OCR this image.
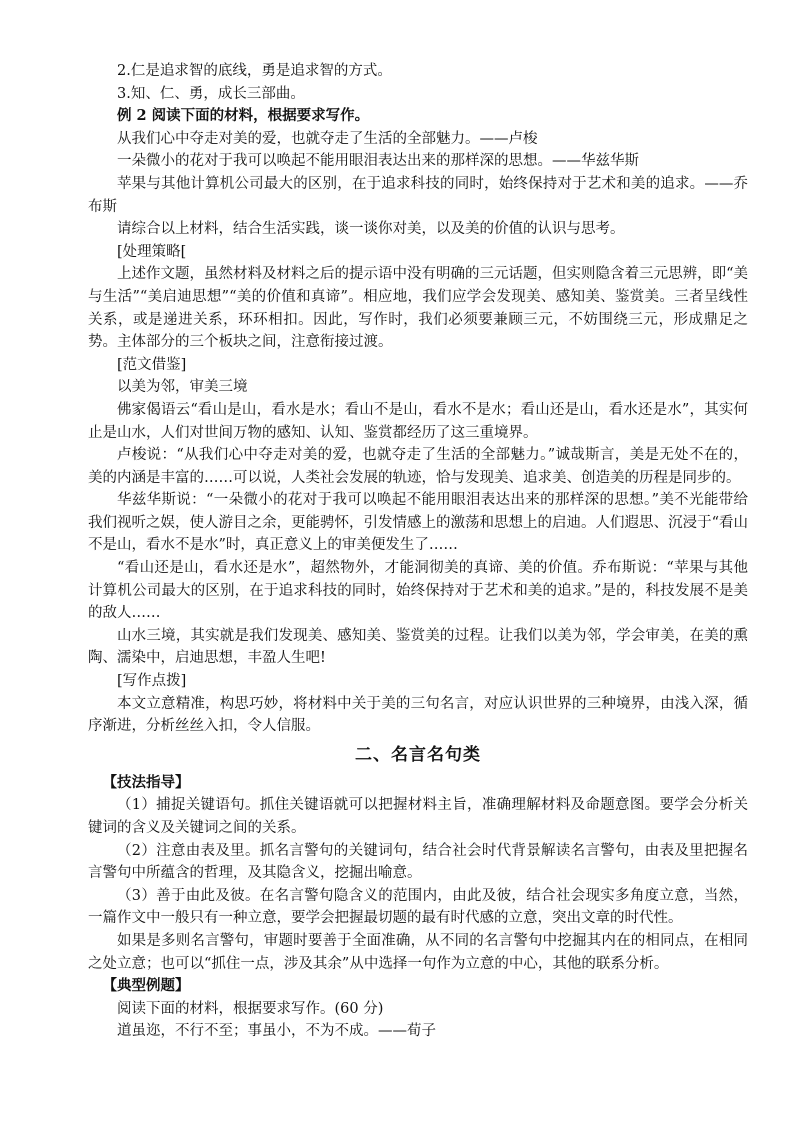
2.仁是追求智的底线，勇是追求智的方式。

3.知、仁、勇，成长三部曲。

例 2 阅读下面的材料，根据要求写作。

从我们心中夺走对美的爱，也就夺走了生活的全部魅力。——卢梭

一朵微小的花对于我可以唤起不能用眼泪表达出来的那样深的思想。——华兹华斯

苹果与其他计算机公司最大的区别，在于追求科技的同时，始终保持对于艺术和美的追求。——乔布斯

请综合以上材料，结合生活实践，谈一谈你对美，以及美的价值的认识与思考。

[处理策略[

上述作文题，虽然材料及材料之后的提示语中没有明确的三元话题，但实则隐含着三元思辨，即“美与生活”“美启迪思想”“美的价值和真谛”。相应地，我们应学会发现美、感知美、鉴赏美。三者呈线性关系，或是递进关系，环环相扣。因此，写作时，我们必须要兼顾三元，不妨围绕三元，形成鼎足之势。主体部分的三个板块之间，注意衔接过渡。

[范文借鉴]

以美为邻，审美三境

佛家偈语云“看山是山，看水是水；看山不是山，看水不是水；看山还是山，看水还是水”，其实何止是山水，人们对世间万物的感知、认知、鉴赏都经历了这三重境界。

卢梭说：“从我们心中夺走对美的爱，也就夺走了生活的全部魅力。”诚哉斯言，美是无处不在的，美的内涵是丰富的……可以说，人类社会发展的轨迹，恰与发现美、追求美、创造美的历程是同步的。

华兹华斯说：“一朵微小的花对于我可以唤起不能用眼泪表达出来的那样深的思想。”美不光能带给我们视听之娱，使人游目之余，更能骋怀，引发情感上的激荡和思想上的启迪。人们遐思、沉浸于“看山不是山，看水不是水”时，真正意义上的审美便发生了……

“看山还是山，看水还是水”，超然物外，才能洞彻美的真谛、美的价值。乔布斯说：“苹果与其他计算机公司最大的区别，在于追求科技的同时，始终保持对于艺术和美的追求。”是的，科技发展不是美的敌人……

山水三境，其实就是我们发现美、感知美、鉴赏美的过程。让我们以美为邻，学会审美，在美的熏陶、濡染中，启迪思想，丰盈人生吧!

[写作点拨]

本文立意精准，构思巧妙，将材料中关于美的三句名言，对应认识世界的三种境界，由浅入深，循序渐进，分析丝丝入扣，令人信服。

二、名言名句类

【技法指导】

（1）捕捉关键语句。抓住关键语就可以把握材料主旨，准确理解材料及命题意图。要学会分析关键词的含义及关键词之间的关系。

（2）注意由表及里。抓名言警句的关键词句，结合社会时代背景解读名言警句，由表及里把握名言警句中所蕴含的哲理，及其隐含义，挖掘出喻意。

（3）善于由此及彼。在名言警句隐含义的范围内，由此及彼，结合社会现实多角度立意，当然，一篇作文中一般只有一种立意，要学会把握最切题的最有时代感的立意，突出文章的时代性。

如果是多则名言警句，审题时要善于全面准确，从不同的名言警句中挖掘其内在的相同点，在相同之处立意；也可以“抓住一点，涉及其余”从中选择一句作为立意的中心，其他的联系分析。

【典型例题】

阅读下面的材料，根据要求写作。(60 分)

道虽迩，不行不至；事虽小，不为不成。——荀子
